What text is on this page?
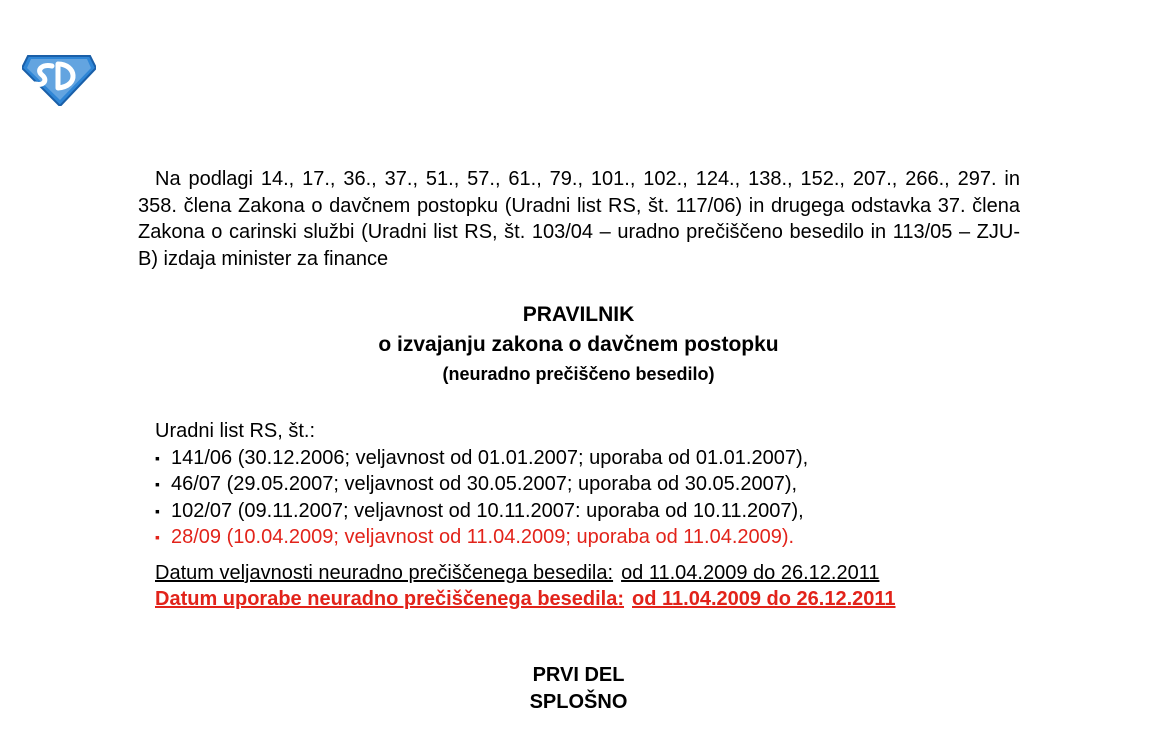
Na podlagi 14., 17., 36., 37., 51., 57., 61., 79., 101., 102., 124., 138., 152., 207., 266., 297. in 358. člena Zakona o davčnem postopku (Uradni list RS, št. 117/06) in drugega odstavka 37. člena Zakona o carinski službi (Uradni list RS, št. 103/04 – uradno prečiščeno besedilo in 113/05 – ZJU-B) izdaja minister za finance

PRAVILNIK
o izvajanju zakona o davčnem postopku
(neuradno prečiščeno besedilo)
Uradni list RS, št.:
▪ 141/06 (30.12.2006; veljavnost od 01.01.2007; uporaba od 01.01.2007),
▪ 46/07 (29.05.2007; veljavnost od 30.05.2007; uporaba od 30.05.2007),
▪ 102/07 (09.11.2007; veljavnost od 10.11.2007: uporaba od 10.11.2007),
▪ 28/09 (10.04.2009; veljavnost od 11.04.2009; uporaba od 11.04.2009).
Datum veljavnosti neuradno prečiščenega besedila: od 11.04.2009 do 26.12.2011
Datum uporabe neuradno prečiščenega besedila: od 11.04.2009 do 26.12.2011
PRVI DEL
SPLOŠNO
